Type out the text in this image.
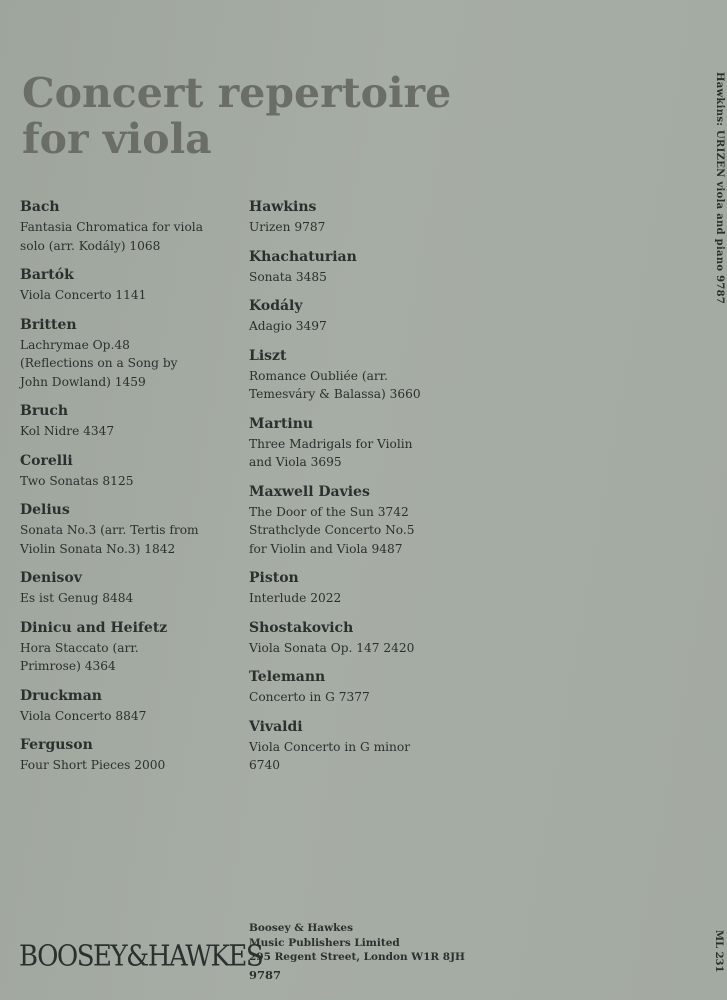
Concert repertoire
for viola	Hawkins: URIZEN viola and piano 9787
ML 231
Bach
Fantasia Chromatica for viola
solo (arr. Kodály) 1068
Bartók
Viola Concerto 1141
Britten
Lachrymae Op.48
(Reflections on a Song by
John Dowland) 1459
Bruch
Kol Nidre 4347
Corelli
Two Sonatas 8125
Delius
Sonata No.3 (arr. Tertis from
Violin Sonata No.3) 1842
Denisov
Es ist Genug 8484
Dinicu and Heifetz
Hora Staccato (arr.
Primrose) 4364
Druckman
Viola Concerto 8847
Ferguson
Four Short Pieces 2000
Hawkins
Urizen 9787
Khachaturian
Sonata 3485
Kodály
Adagio 3497
Liszt
Romance Oubliée (arr.
Temesváry & Balassa) 3660
Martinu
Three Madrigals for Violin
and Viola 3695
Maxwell Davies
The Door of the Sun 3742
Strathclyde Concerto No.5
for Violin and Viola 9487
Piston
Interlude 2022
Shostakovich
Viola Sonata Op. 147 2420
Telemann
Concerto in G 7377
Vivaldi
Viola Concerto in G minor
6740
BOOSEY&HAWKES
Boosey & Hawkes
Music Publishers Limited
295 Regent Street, London W1R 8JH
9787
